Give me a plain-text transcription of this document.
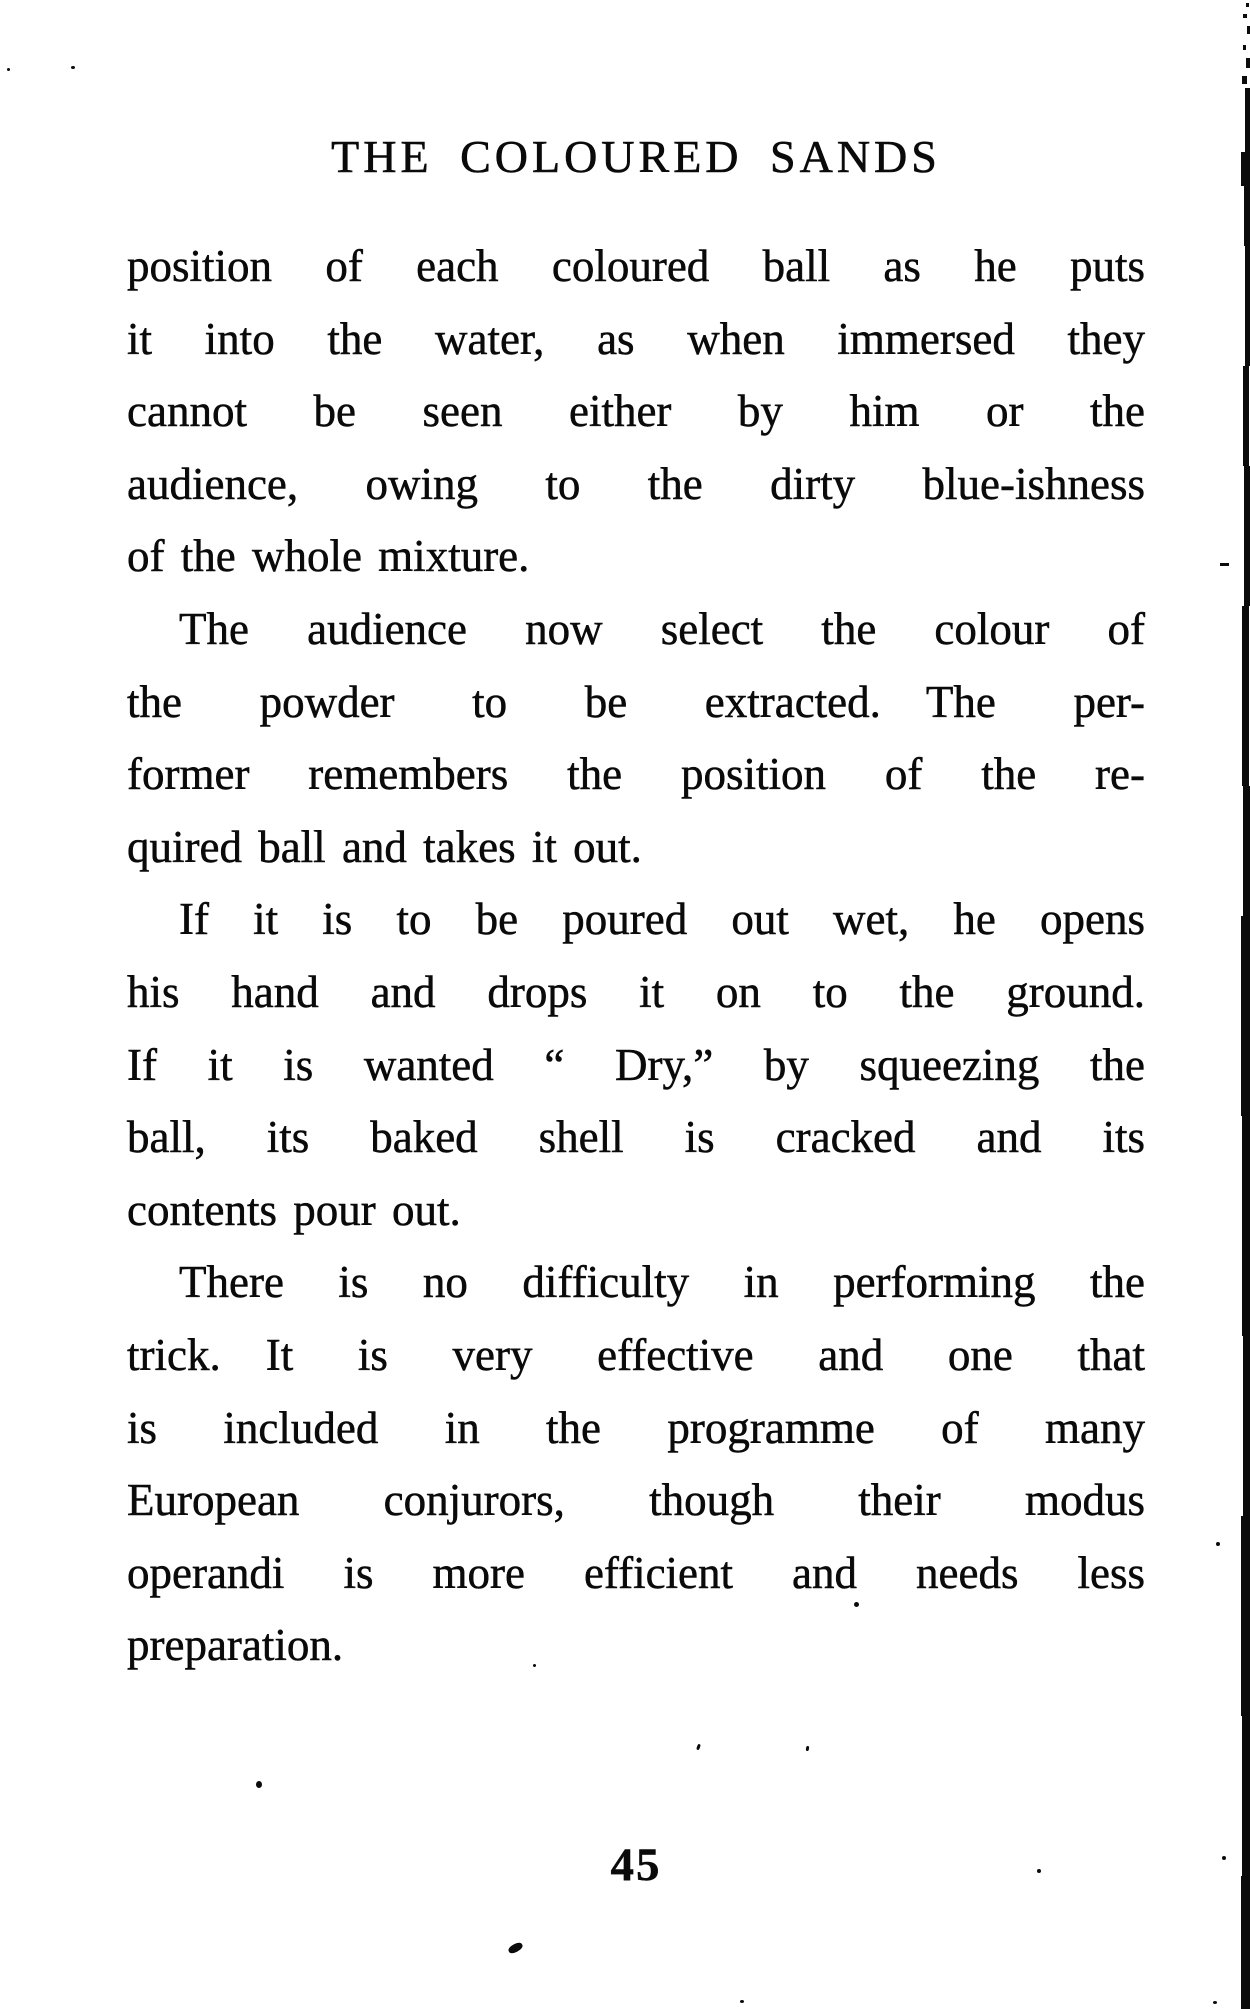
THE COLOURED SANDS
position of each coloured ball as he puts
it into the water, as when immersed they
cannot be seen either by him or the
audience, owing to the dirty blue-ishness
of the whole mixture.
The audience now select the colour of
the powder to be extracted. The per-
former remembers the position of the re-
quired ball and takes it out.
If it is to be poured out wet, he opens
his hand and drops it on to the ground.
If it is wanted “ Dry,” by squeezing the
ball, its baked shell is cracked and its
contents pour out.
There is no difficulty in performing the
trick. It is very effective and one that
is included in the programme of many
European conjurors, though their modus
operandi is more efficient and needs less
preparation.
45
